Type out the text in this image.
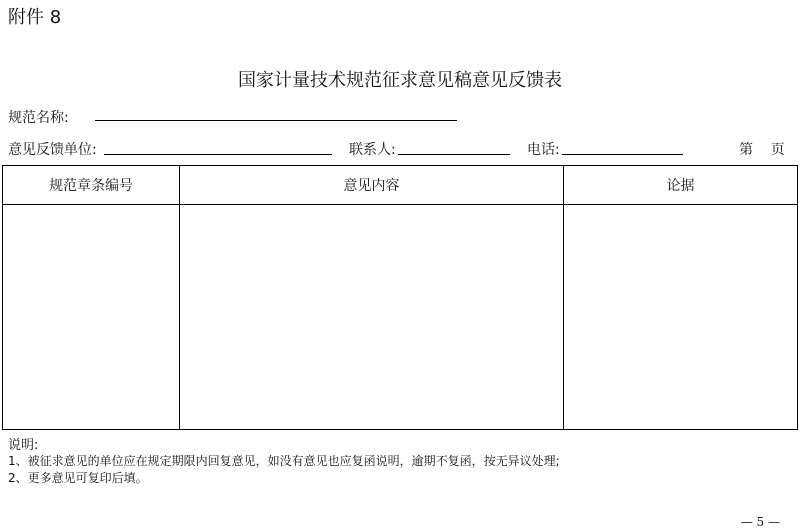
附件 8
国家计量技术规范征求意见稿意见反馈表
规范名称:
意见反馈单位:	联系人:	电话:	第    页
规范章条编号	意见内容	论据

说明:
1、被征求意见的单位应在规定期限内回复意见，如没有意见也应复函说明，逾期不复函，按无异议处理;
2、更多意见可复印后填。
— 5 —
